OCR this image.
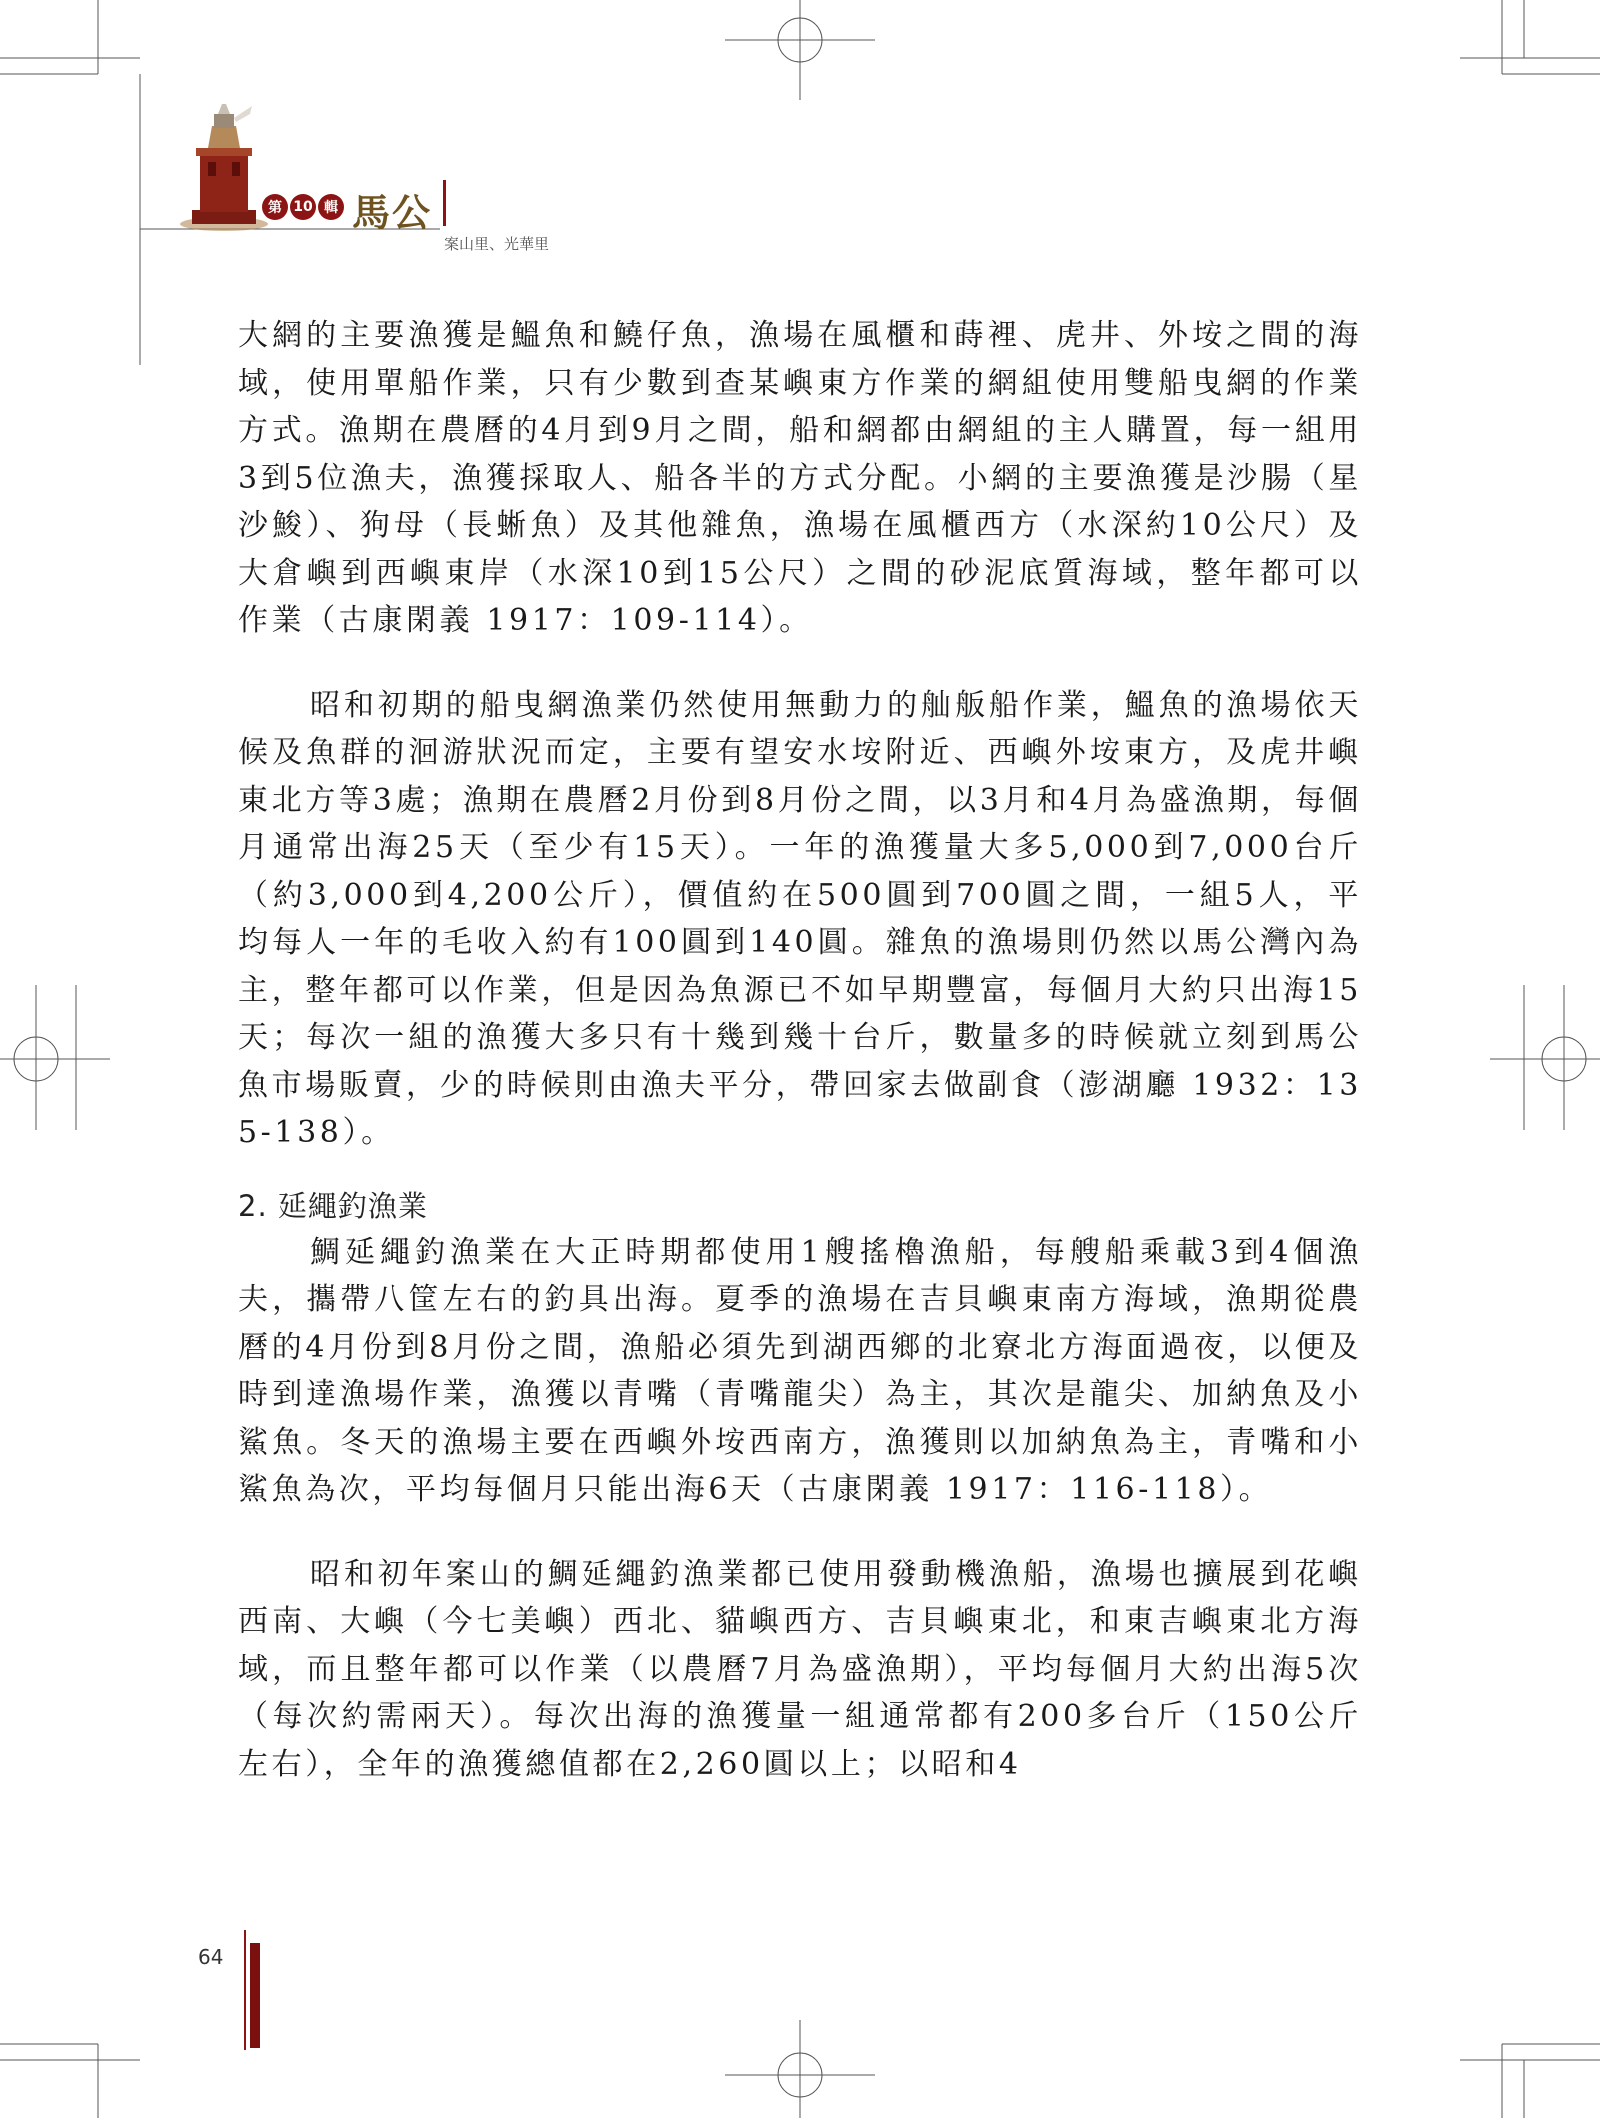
第 10 輯 馬公
案山里、光華里

大網的主要漁獲是鰮魚和鱙仔魚，漁場在風櫃和蒔裡、虎井、外垵之間的海域，使用單船作業，只有少數到查某嶼東方作業的網組使用雙船曳網的作業方式。漁期在農曆的4月到9月之間，船和網都由網組的主人購置，每一組用3到5位漁夫，漁獲採取人、船各半的方式分配。小網的主要漁獲是沙腸（星沙鮻）、狗母（長蜥魚）及其他雜魚，漁場在風櫃西方（水深約10公尺）及大倉嶼到西嶼東岸（水深10到15公尺）之間的砂泥底質海域，整年都可以作業（古康閑義 1917：109-114）。

昭和初期的船曳網漁業仍然使用無動力的舢舨船作業，鰮魚的漁場依天候及魚群的洄游狀況而定，主要有望安水垵附近、西嶼外垵東方，及虎井嶼東北方等3處；漁期在農曆2月份到8月份之間，以3月和4月為盛漁期，每個月通常出海25天（至少有15天）。一年的漁獲量大多5,000到7,000台斤（約3,000到4,200公斤），價值約在500圓到700圓之間，一組5人，平均每人一年的毛收入約有100圓到140圓。雜魚的漁場則仍然以馬公灣內為主，整年都可以作業，但是因為魚源已不如早期豐富，每個月大約只出海15天；每次一組的漁獲大多只有十幾到幾十台斤，數量多的時候就立刻到馬公魚市場販賣，少的時候則由漁夫平分，帶回家去做副食（澎湖廳 1932：135-138）。

2. 延繩釣漁業

鯛延繩釣漁業在大正時期都使用1艘搖櫓漁船，每艘船乘載3到4個漁夫，攜帶八筐左右的釣具出海。夏季的漁場在吉貝嶼東南方海域，漁期從農曆的4月份到8月份之間，漁船必須先到湖西鄉的北寮北方海面過夜，以便及時到達漁場作業，漁獲以青嘴（青嘴龍尖）為主，其次是龍尖、加納魚及小鯊魚。冬天的漁場主要在西嶼外垵西南方，漁獲則以加納魚為主，青嘴和小鯊魚為次，平均每個月只能出海6天（古康閑義 1917：116-118）。

昭和初年案山的鯛延繩釣漁業都已使用發動機漁船，漁場也擴展到花嶼西南、大嶼（今七美嶼）西北、貓嶼西方、吉貝嶼東北，和東吉嶼東北方海域，而且整年都可以作業（以農曆7月為盛漁期），平均每個月大約出海5次（每次約需兩天）。每次出海的漁獲量一組通常都有200多台斤（150公斤左右），全年的漁獲總值都在2,260圓以上；以昭和4

64
